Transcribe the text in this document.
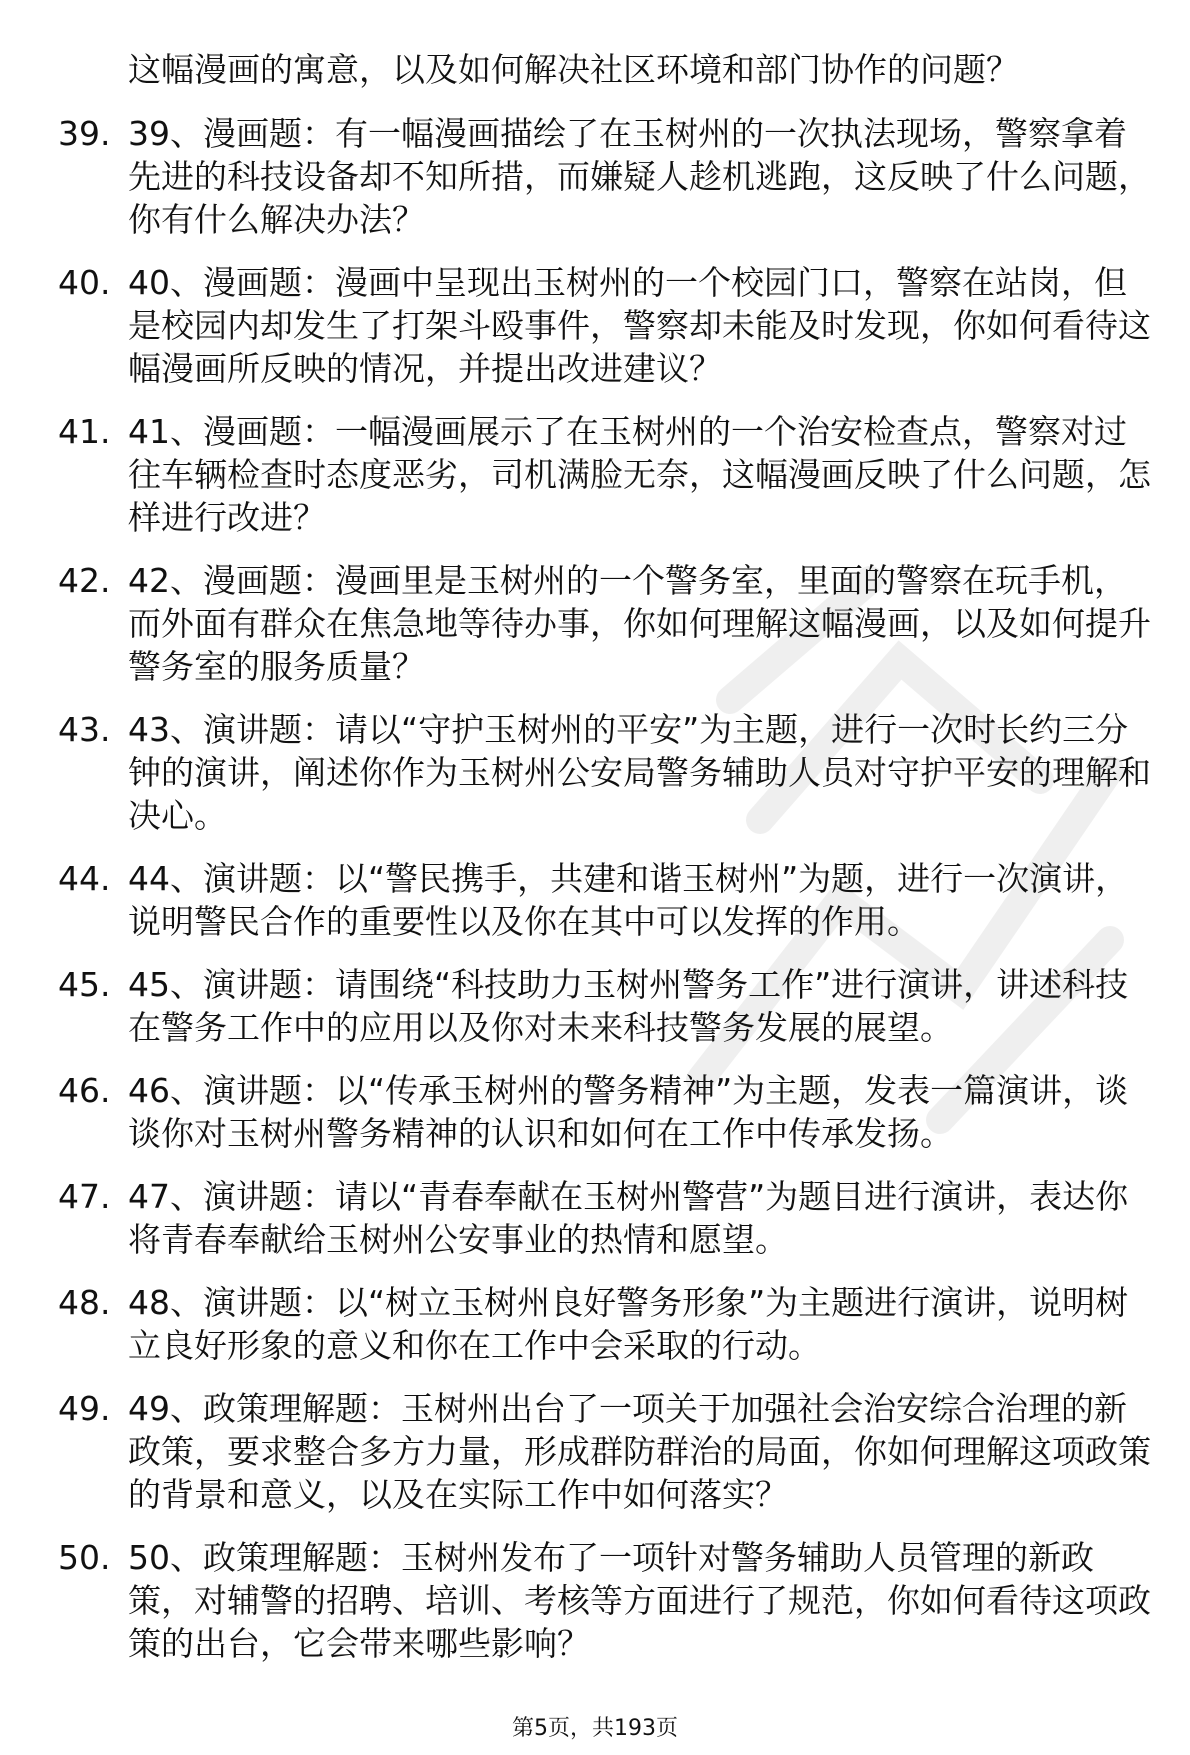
这幅漫画的寓意，以及如何解决社区环境和部门协作的问题？

39. 39、漫画题：有一幅漫画描绘了在玉树州的一次执法现场，警察拿着先进的科技设备却不知所措，而嫌疑人趁机逃跑，这反映了什么问题，你有什么解决办法？
40. 40、漫画题：漫画中呈现出玉树州的一个校园门口，警察在站岗，但是校园内却发生了打架斗殴事件，警察却未能及时发现，你如何看待这幅漫画所反映的情况，并提出改进建议？
41. 41、漫画题：一幅漫画展示了在玉树州的一个治安检查点，警察对过往车辆检查时态度恶劣，司机满脸无奈，这幅漫画反映了什么问题，怎样进行改进？
42. 42、漫画题：漫画里是玉树州的一个警务室，里面的警察在玩手机，而外面有群众在焦急地等待办事，你如何理解这幅漫画，以及如何提升警务室的服务质量？
43. 43、演讲题：请以“守护玉树州的平安”为主题，进行一次时长约三分钟的演讲，阐述你作为玉树州公安局警务辅助人员对守护平安的理解和决心。
44. 44、演讲题：以“警民携手，共建和谐玉树州”为题，进行一次演讲，说明警民合作的重要性以及你在其中可以发挥的作用。
45. 45、演讲题：请围绕“科技助力玉树州警务工作”进行演讲，讲述科技在警务工作中的应用以及你对未来科技警务发展的展望。
46. 46、演讲题：以“传承玉树州的警务精神”为主题，发表一篇演讲，谈谈你对玉树州警务精神的认识和如何在工作中传承发扬。
47. 47、演讲题：请以“青春奉献在玉树州警营”为题目进行演讲，表达你将青春奉献给玉树州公安事业的热情和愿望。
48. 48、演讲题：以“树立玉树州良好警务形象”为主题进行演讲，说明树立良好形象的意义和你在工作中会采取的行动。
49. 49、政策理解题：玉树州出台了一项关于加强社会治安综合治理的新政策，要求整合多方力量，形成群防群治的局面，你如何理解这项政策的背景和意义，以及在实际工作中如何落实？
50. 50、政策理解题：玉树州发布了一项针对警务辅助人员管理的新政策，对辅警的招聘、培训、考核等方面进行了规范，你如何看待这项政策的出台，它会带来哪些影响？
第5页，共193页
